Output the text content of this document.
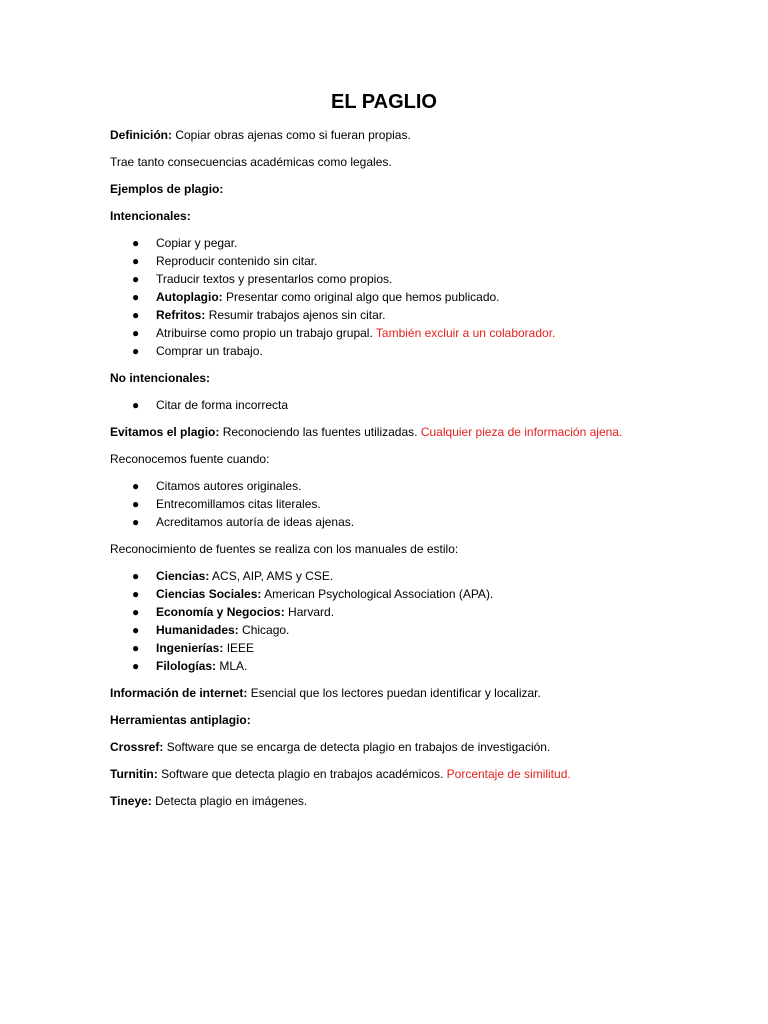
EL PAGLIO

Definición: Copiar obras ajenas como si fueran propias.

Trae tanto consecuencias académicas como legales.

Ejemplos de plagio:

Intencionales:

● Copiar y pegar.
● Reproducir contenido sin citar.
● Traducir textos y presentarlos como propios.
● Autoplagio: Presentar como original algo que hemos publicado.
● Refritos: Resumir trabajos ajenos sin citar.
● Atribuirse como propio un trabajo grupal. También excluir a un colaborador.
● Comprar un trabajo.

No intencionales:

● Citar de forma incorrecta

Evitamos el plagio: Reconociendo las fuentes utilizadas. Cualquier pieza de información ajena.

Reconocemos fuente cuando:

● Citamos autores originales.
● Entrecomillamos citas literales.
● Acreditamos autoría de ideas ajenas.

Reconocimiento de fuentes se realiza con los manuales de estilo:

● Ciencias: ACS, AIP, AMS y CSE.
● Ciencias Sociales: American Psychological Association (APA).
● Economía y Negocios: Harvard.
● Humanidades: Chicago.
● Ingenierías: IEEE
● Filologías: MLA.

Información de internet: Esencial que los lectores puedan identificar y localizar.

Herramientas antiplagio:

Crossref: Software que se encarga de detecta plagio en trabajos de investigación.

Turnitin: Software que detecta plagio en trabajos académicos. Porcentaje de similitud.

Tineye: Detecta plagio en imágenes.
